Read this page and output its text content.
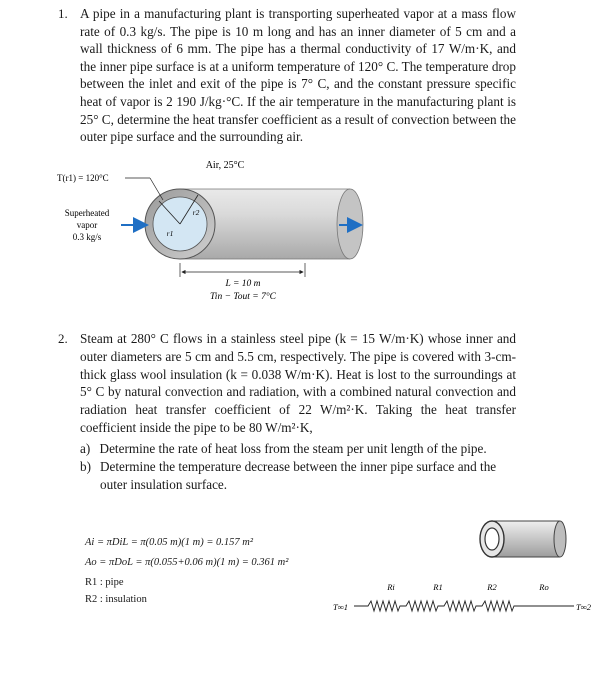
1. A pipe in a manufacturing plant is transporting superheated vapor at a mass flow rate of 0.3 kg/s. The pipe is 10 m long and has an inner diameter of 5 cm and a wall thickness of 6 mm. The pipe has a thermal conductivity of 17 W/m·K, and the inner pipe surface is at a uniform temperature of 120° C. The temperature drop between the inlet and exit of the pipe is 7° C, and the constant pressure specific heat of vapor is 2 190 J/kg·°C. If the air temperature in the manufacturing plant is 25° C, determine the heat transfer coefficient as a result of convection between the outer pipe surface and the surrounding air.
Air, 25°C
r1
r2
T(r1) = 120°C
Superheated
vapor
0.3 kg/s
L = 10 m
Tin − Tout = 7°C
2. Steam at 280° C flows in a stainless steel pipe (k = 15 W/m·K) whose inner and outer diameters are 5 cm and 5.5 cm, respectively. The pipe is covered with 3-cm-thick glass wool insulation (k = 0.038 W/m·K). Heat is lost to the surroundings at 5° C by natural convection and radiation, with a combined natural convection and radiation heat transfer coefficient of 22 W/m²·K. Taking the heat transfer coefficient inside the pipe to be 80 W/m²·K,
a) Determine the rate of heat loss from the steam per unit length of the pipe.
b) Determine the temperature decrease between the inner pipe surface and the outer insulation surface.
Ai = πDiL = π(0.05 m)(1 m) = 0.157 m²
Ao = πDoL = π(0.055+0.06 m)(1 m) = 0.361 m²
R1 : pipe
R2 : insulation
Ri	R1	R2	Ro
T∞1	T∞2
